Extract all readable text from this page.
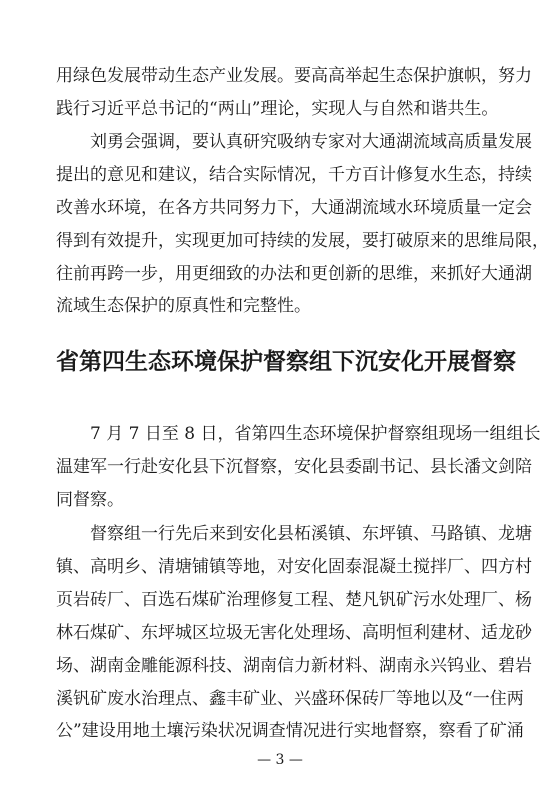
用绿色发展带动生态产业发展。要高高举起生态保护旗帜，努力
践行习近平总书记的“两山”理论，实现人与自然和谐共生。
刘勇会强调，要认真研究吸纳专家对大通湖流域高质量发展
提出的意见和建议，结合实际情况，千方百计修复水生态，持续
改善水环境，在各方共同努力下，大通湖流域水环境质量一定会
得到有效提升，实现更加可持续的发展，要打破原来的思维局限，
往前再跨一步，用更细致的办法和更创新的思维，来抓好大通湖
流域生态保护的原真性和完整性。
省第四生态环境保护督察组下沉安化开展督察
7 月 7 日至 8 日，省第四生态环境保护督察组现场一组组长
温建军一行赴安化县下沉督察，安化县委副书记、县长潘文剑陪
同督察。
督察组一行先后来到安化县柘溪镇、东坪镇、马路镇、龙塘
镇、高明乡、清塘铺镇等地，对安化固泰混凝土搅拌厂、四方村
页岩砖厂、百选石煤矿治理修复工程、楚凡钒矿污水处理厂、杨
林石煤矿、东坪城区垃圾无害化处理场、高明恒利建材、适龙砂
场、湖南金雕能源科技、湖南信力新材料、湖南永兴钨业、碧岩
溪钒矿废水治理点、鑫丰矿业、兴盛环保砖厂等地以及“一住两
公”建设用地土壤污染状况调查情况进行实地督察，察看了矿涌
— 3 —
